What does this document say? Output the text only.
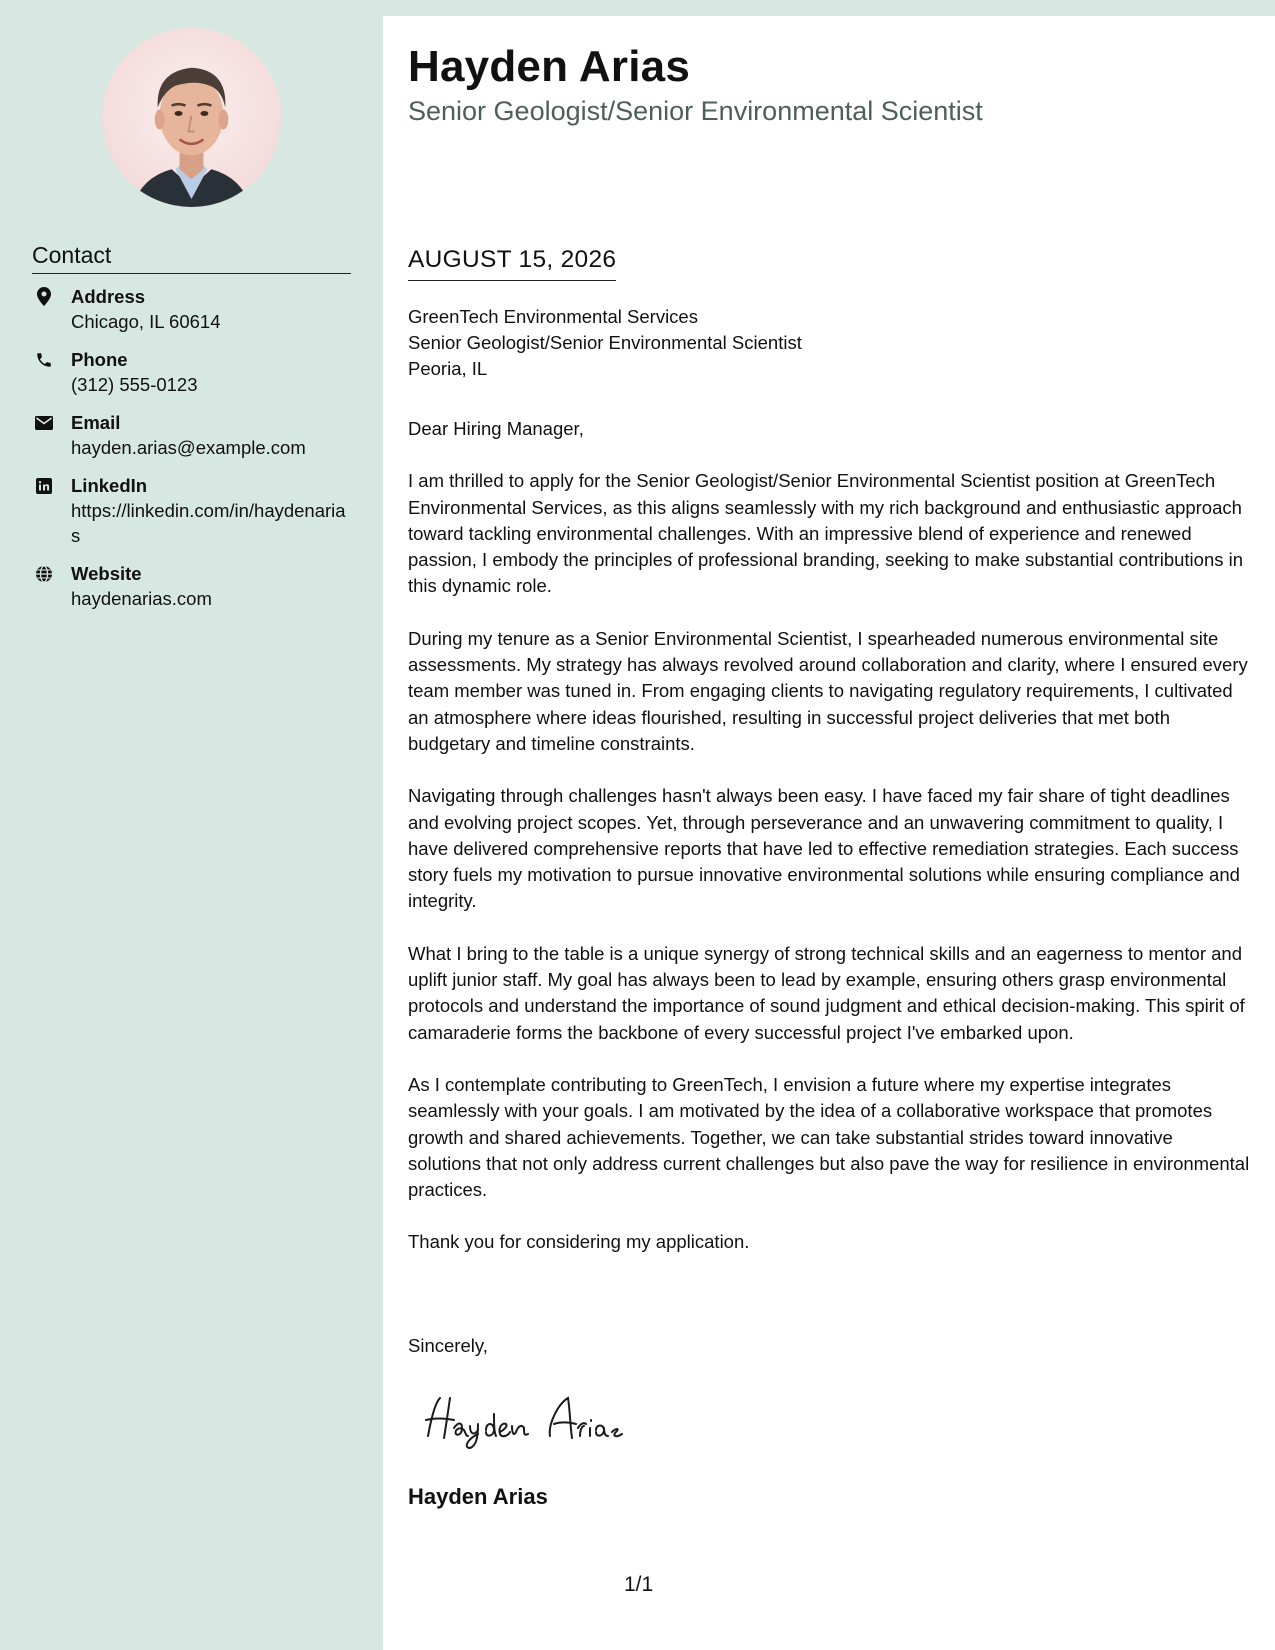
Contact
Address
Chicago, IL 60614
Phone
(312) 555-0123
Email
hayden.arias@example.com
LinkedIn
https://linkedin.com/in/haydenarias
Website
haydenarias.com
Hayden Arias
Senior Geologist/Senior Environmental Scientist
AUGUST 15, 2026
GreenTech Environmental Services
Senior Geologist/Senior Environmental Scientist
Peoria, IL

Dear Hiring Manager,

I am thrilled to apply for the Senior Geologist/Senior Environmental Scientist position at GreenTech Environmental Services, as this aligns seamlessly with my rich background and enthusiastic approach toward tackling environmental challenges. With an impressive blend of experience and renewed passion, I embody the principles of professional branding, seeking to make substantial contributions in this dynamic role.

During my tenure as a Senior Environmental Scientist, I spearheaded numerous environmental site assessments. My strategy has always revolved around collaboration and clarity, where I ensured every team member was tuned in. From engaging clients to navigating regulatory requirements, I cultivated an atmosphere where ideas flourished, resulting in successful project deliveries that met both budgetary and timeline constraints.

Navigating through challenges hasn't always been easy. I have faced my fair share of tight deadlines and evolving project scopes. Yet, through perseverance and an unwavering commitment to quality, I have delivered comprehensive reports that have led to effective remediation strategies. Each success story fuels my motivation to pursue innovative environmental solutions while ensuring compliance and integrity.

What I bring to the table is a unique synergy of strong technical skills and an eagerness to mentor and uplift junior staff. My goal has always been to lead by example, ensuring others grasp environmental protocols and understand the importance of sound judgment and ethical decision-making. This spirit of camaraderie forms the backbone of every successful project I've embarked upon.

As I contemplate contributing to GreenTech, I envision a future where my expertise integrates seamlessly with your goals. I am motivated by the idea of a collaborative workspace that promotes growth and shared achievements. Together, we can take substantial strides toward innovative solutions that not only address current challenges but also pave the way for resilience in environmental practices.

Thank you for considering my application.

Sincerely,
Hayden Arias
1/1
